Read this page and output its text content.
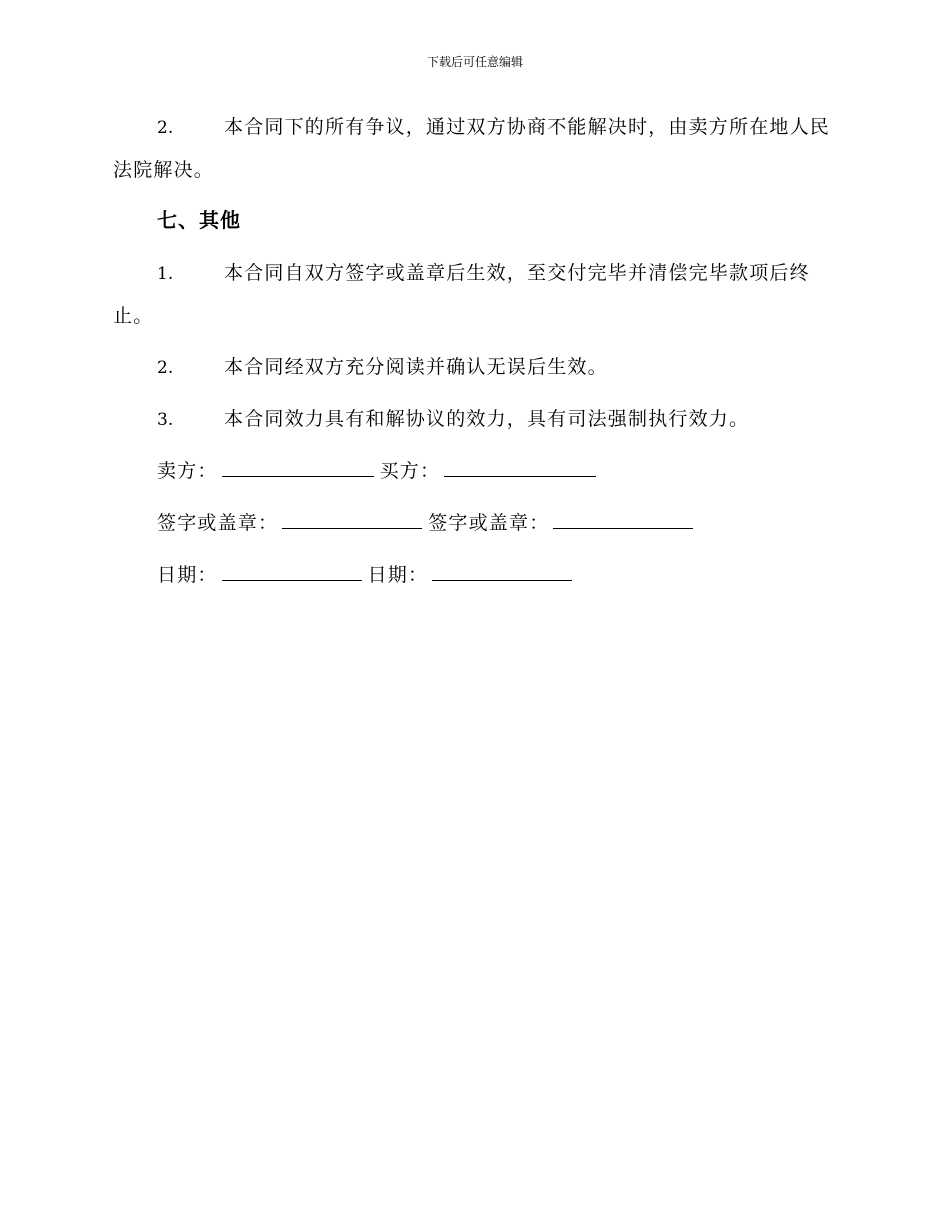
下载后可任意编辑
2.	本合同下的所有争议，通过双方协商不能解决时，由卖方所在地人民法院解决。
七、其他
1.	本合同自双方签字或盖章后生效，至交付完毕并清偿完毕款项后终止。
2.	本合同经双方充分阅读并确认无误后生效。
3.	本合同效力具有和解协议的效力，具有司法强制执行效力。
卖方：	买方：
签字或盖章：	签字或盖章：
日期：	日期：
